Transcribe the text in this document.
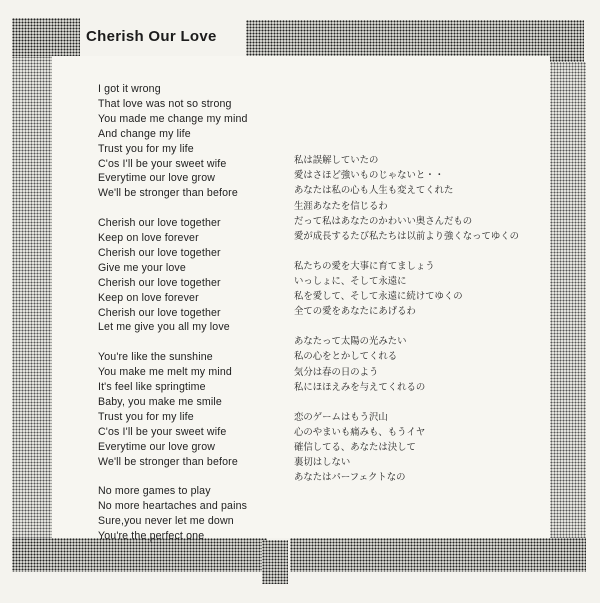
Cherish Our Love
I got it wrong
That love was not so strong
You made me change my mind
And change my life
Trust you for my life
C'os I'll be your sweet wife
Everytime our love grow
We'll be stronger than before
Cherish our love together
Keep on love forever
Cherish our love together
Give me your love
Cherish our love together
Keep on love forever
Cherish our love together
Let me give you all my love
You're like the sunshine
You make me melt my mind
It's feel like springtime
Baby, you make me smile
Trust you for my life
C'os I'll be your sweet wife
Everytime our love grow
We'll be stronger than before
No more games to play
No more heartaches and pains
Sure,you never let me down
You're the perfect one
私は誤解していたの
愛はさほど強いものじゃないと・・
あなたは私の心も人生も変えてくれた
生涯あなたを信じるわ
だって私はあなたのかわいい奥さんだもの
愛が成長するたび私たちは以前より強くなってゆくの
私たちの愛を大事に育てましょう
いっしょに、そして永遠に
私を愛して、そして永遠に続けてゆくの
全ての愛をあなたにあげるわ
あなたって太陽の光みたい
私の心をとかしてくれる
気分は春の日のよう
私にほほえみを与えてくれるの
恋のゲームはもう沢山
心のやまいも痛みも、もうイヤ
確信してる、あなたは決して
裏切はしない
あなたはパーフェクトなの
